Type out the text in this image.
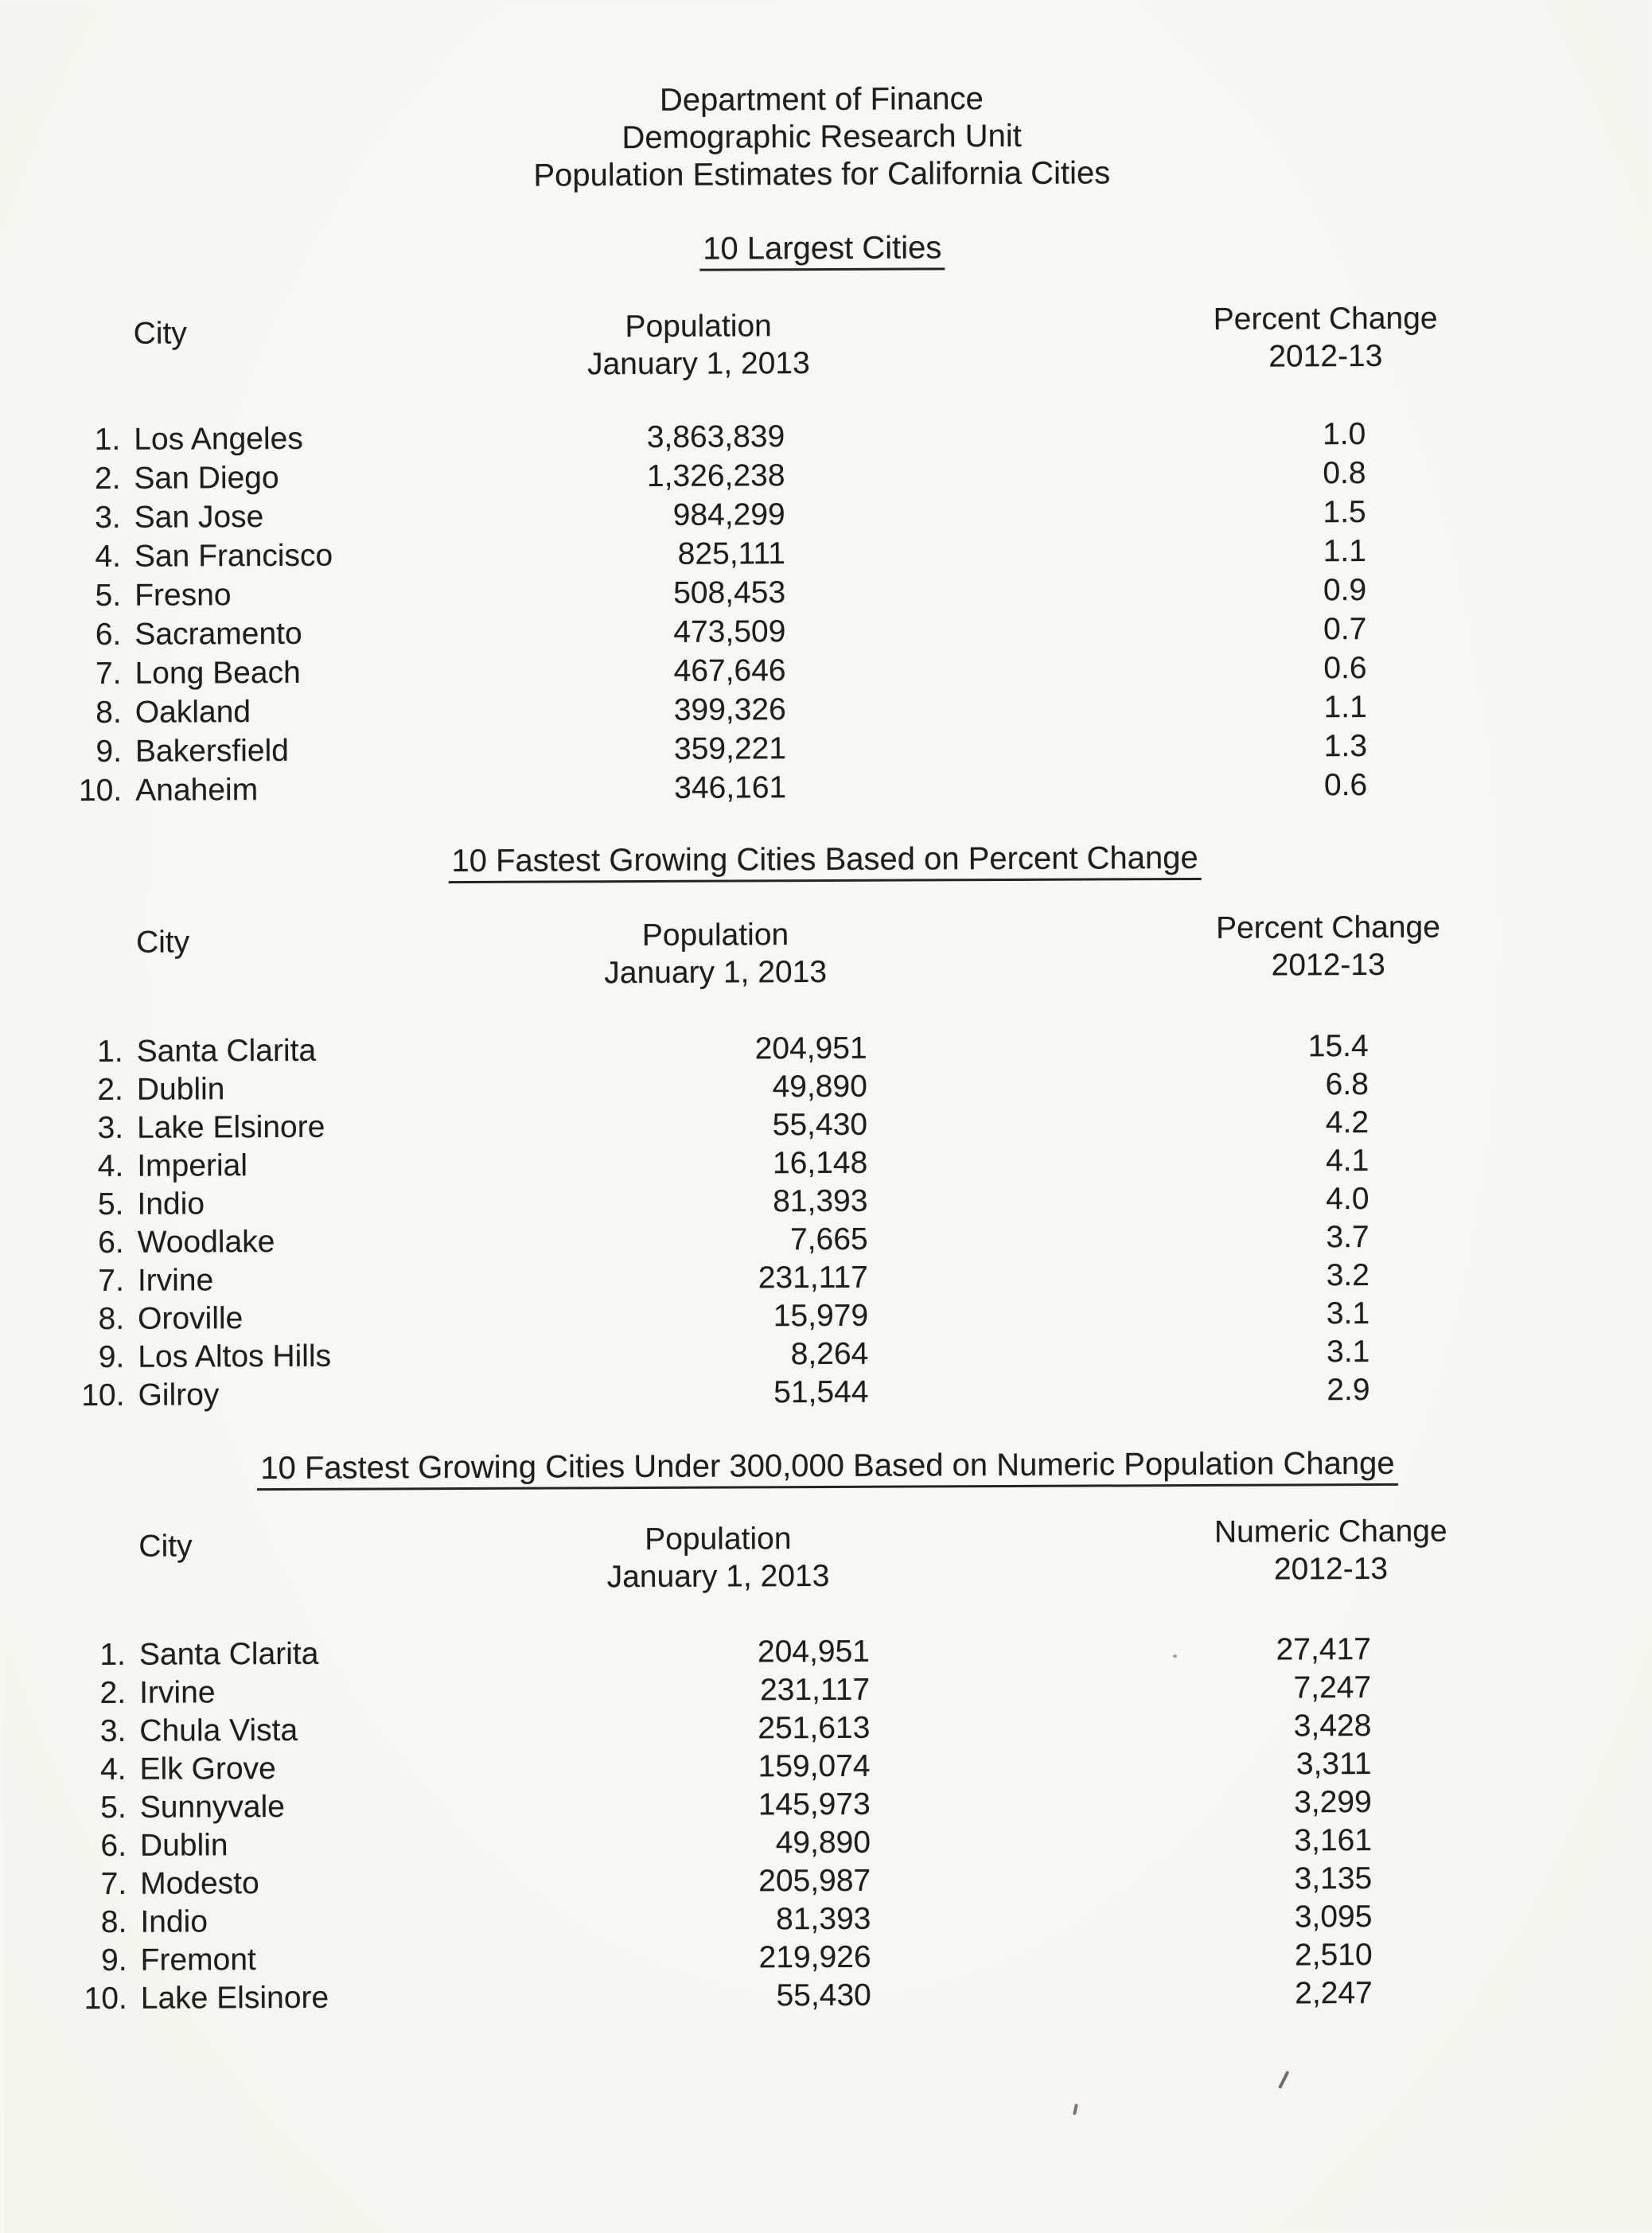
Department of Finance
Demographic Research Unit
Population Estimates for California Cities
10 Largest Cities
City	Population
January 1, 2013
Percent Change
2012-13
1. Los Angeles	3,863,839	1.0
2. San Diego	1,326,238	0.8
3. San Jose	984,299	1.5
4. San Francisco	825,111	1.1
5. Fresno	508,453	0.9
6. Sacramento	473,509	0.7
7. Long Beach	467,646	0.6
8. Oakland	399,326	1.1
9. Bakersfield	359,221	1.3
10. Anaheim	346,161	0.6
10 Fastest Growing Cities Based on Percent Change
City	Population
January 1, 2013
Percent Change
2012-13
1. Santa Clarita	204,951	15.4
2. Dublin	49,890	6.8
3. Lake Elsinore	55,430	4.2
4. Imperial	16,148	4.1
5. Indio	81,393	4.0
6. Woodlake	7,665	3.7
7. Irvine	231,117	3.2
8. Oroville	15,979	3.1
9. Los Altos Hills	8,264	3.1
10. Gilroy	51,544	2.9
10 Fastest Growing Cities Under 300,000 Based on Numeric Population Change
City	Population
January 1, 2013
Numeric Change
2012-13
1. Santa Clarita	204,951	27,417
2. Irvine	231,117	7,247
3. Chula Vista	251,613	3,428
4. Elk Grove	159,074	3,311
5. Sunnyvale	145,973	3,299
6. Dublin	49,890	3,161
7. Modesto	205,987	3,135
8. Indio	81,393	3,095
9. Fremont	219,926	2,510
10. Lake Elsinore	55,430	2,247
